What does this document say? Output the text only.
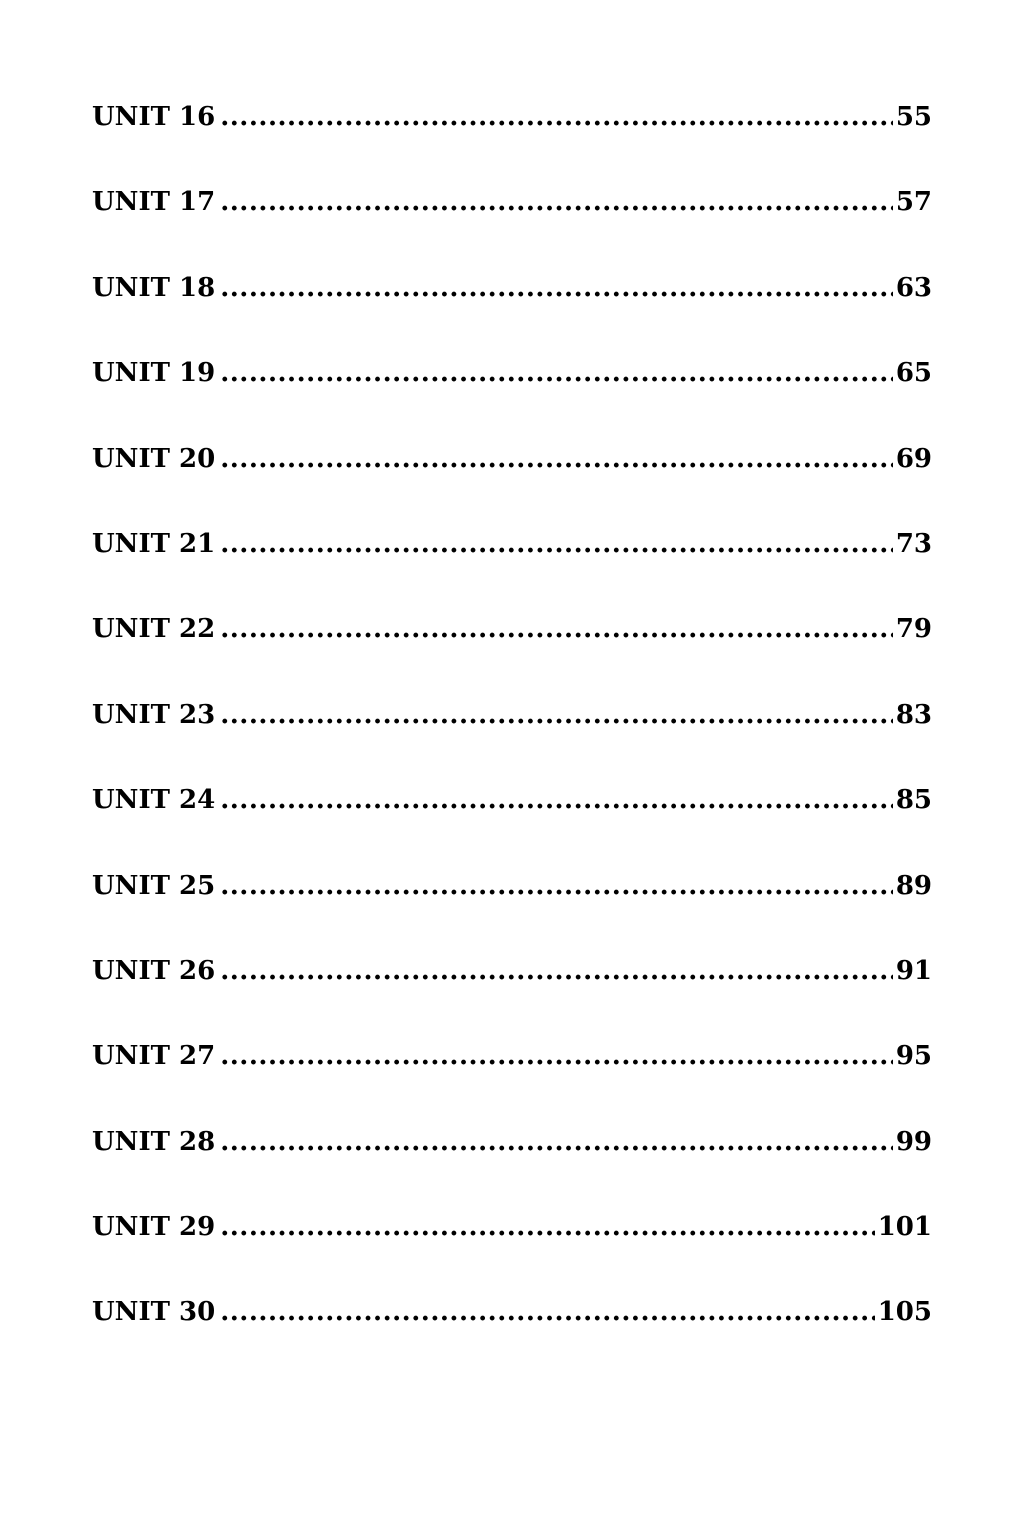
UNIT 16 .....	55
UNIT 17 .....	57
UNIT 18 .....	63
UNIT 19 .....	65
UNIT 20 .....	69
UNIT 21 .....	73
UNIT 22 .....	79
UNIT 23 .....	83
UNIT 24 .....	85
UNIT 25 .....	89
UNIT 26 .....	91
UNIT 27 .....	95
UNIT 28 .....	99
UNIT 29 .....	101
UNIT 30 .....	105
